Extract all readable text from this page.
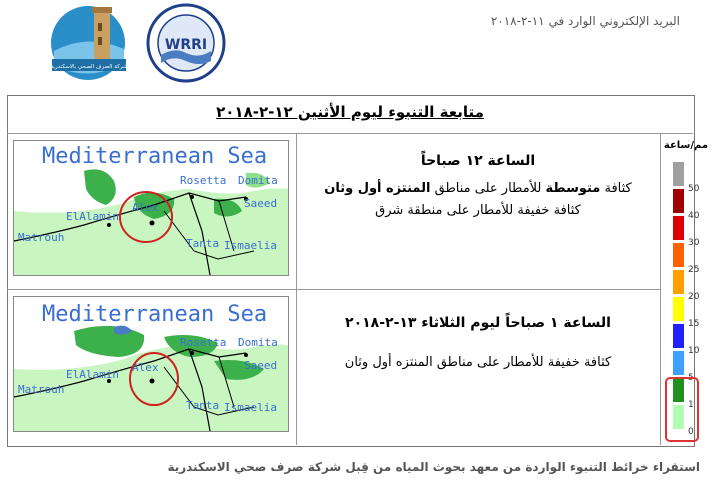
شركة الصرف الصحي بالاسكندرية
WRRI
البريد الإلكتروني الوارد في ١١-٢-٢٠١٨
متابعة التنبوء ليوم الأثنين ١٢-٢-٢٠١٨
Mediterranean Sea
Rosetta Domita
Saeed
Alex
ElAlamin
Matrouh	Tanta Ismaelia
Mediterranean Sea
Rosetta Domita
Saeed
Alex
ElAlamin
Matrouh
Tanta Ismaelia
الساعة ١٢ صباحاً
كثافة متوسطة للأمطار على مناطق المنتزه أول وثان
كثافة خفيفة للأمطار على منطقة شرق
الساعة ١ صباحاً ليوم الثلاثاء ١٣-٢-٢٠١٨
كثافة خفيفة للأمطار على مناطق المنتزه أول وثان
مم/ساعة
50
40
30
25
20
15
10
5
1
0
استقراء خرائط التنبوء الواردة من معهد بحوث المياه من قِبل شركة صرف صحي الاسكندرية
